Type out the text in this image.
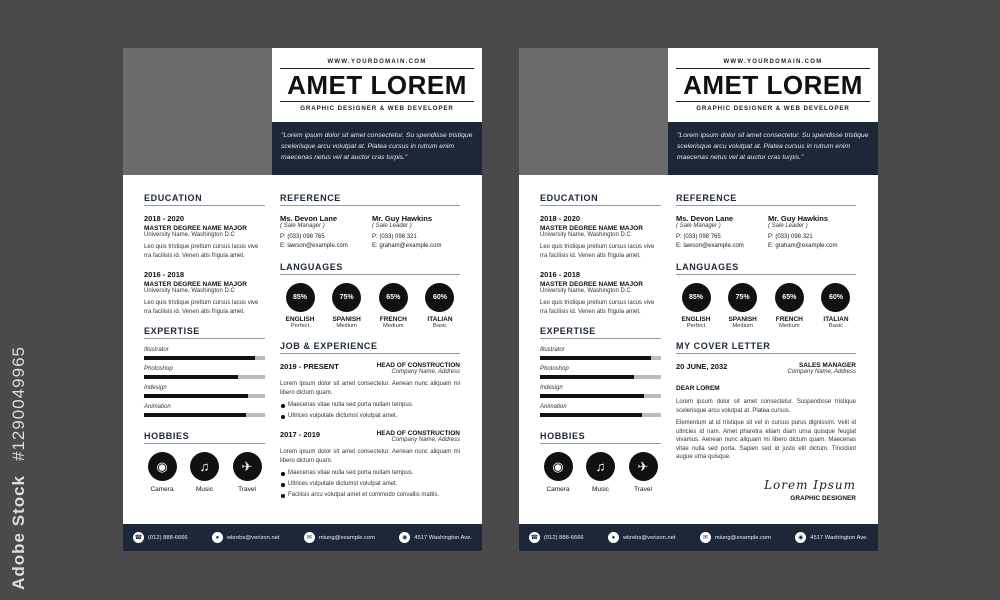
#1290049965
Adobe Stock
WWW.YOURDOMAIN.COM
AMET LOREM
GRAPHIC DESIGNER & WEB DEVELOPER
"Lorem ipsum dolor sit amet consectetur. Su spendisse tristique scelerisque arcu volutpat at. Platea cursus in rutrum enim maecenas netus vel at auctor cras turpis."
EDUCATION
2018 - 2020
MASTER DEGREE NAME MAJOR
University Name, Washington D.C
Leo quis tristique pretium cursus lacus vive rra facilisis id. Venen atis frigula amet.
2016 - 2018
MASTER DEGREE NAME MAJOR
University Name, Washington D.C
Leo quis tristique pretium cursus lacus vive rra facilisis id. Venen atis frigula amet.
EXPERTISE
Illustrator
Photoshop
Indesign
Animation
HOBBIES
◉
Camera
♫
Music
✈
Travel
REFERENCE
Ms. Devon Lane
( Sale Manager )
P: (033) 098 765
E: lawson@example.com
Mr. Guy Hawkins
( Sale Leader )
P: (033) 098 321
E: graham@example.com
LANGUAGES
85%
ENGLISH
Perfect
75%
SPANISH
Medium
65%
FRENCH
Medium
60%
ITALIAN
Basic
JOB & EXPERIENCE
2019 - PRESENT	HEAD OF CONSTRUCTION
Company Name, Address
Lorem ipsum dolor sit amet consectetur. Aenean nunc aliquam mi libero dictum quam.
Maecenas vitae nulla sed porta nullam tempus.
Ultrices vulputate dictumst volutpat amet.
2017 - 2019	HEAD OF CONSTRUCTION
Company Name, Address
Lorem ipsum dolor sit amet consectetur. Aenean nunc aliquam mi libero dictum quam.
Maecenas vitae nulla sed porta nullam tempus.
Ultrices vulputate dictumst volutpat amet.
Facilisis arcu volutpat amet et commodo convallis mattis.
☎ (012) 888-6666	●	wkrebs@verizon.net	✉	miung@example.com	◉	4517 Washington Ave.
WWW.YOURDOMAIN.COM
AMET LOREM
GRAPHIC DESIGNER & WEB DEVELOPER
"Lorem ipsum dolor sit amet consectetur. Su spendisse tristique scelerisque arcu volutpat at. Platea cursus in rutrum enim maecenas netus vel at auctor cras turpis."
EDUCATION
2018 - 2020
MASTER DEGREE NAME MAJOR
University Name, Washington D.C
Leo quis tristique pretium cursus lacus vive rra facilisis id. Venen atis frigula amet.
2016 - 2018
MASTER DEGREE NAME MAJOR
University Name, Washington D.C
Leo quis tristique pretium cursus lacus vive rra facilisis id. Venen atis frigula amet.
EXPERTISE
Illustrator
Photoshop
Indesign
Animation
HOBBIES
◉
Camera
♫
Music
✈
Travel
REFERENCE
Ms. Devon Lane
( Sale Manager )
P: (033) 098 765
E: lawson@example.com
Mr. Guy Hawkins
( Sale Leader )
P: (033) 098 321
E: graham@example.com
LANGUAGES
85%
ENGLISH
Perfect
75%
SPANISH
Medium
65%
FRENCH
Medium
60%
ITALIAN
Basic
MY COVER LETTER
20 JUNE, 2032	SALES MANAGER
Company Name, Address
DEAR LOREM
Lorem ipsum dolor sit amet consectetur. Suspendisse tristique scelerisque arcu volutpat at. Platea cursus.
Elementum at id tristique sit vel in cursus purus dignissim. Velit id ultricies id nam. Amet pharetra etiam diam urna quisque feugiat vivamus. Aenean nunc aliquam mi libero dictum quam. Maecenas vitae nulla sed porta. Sapien sed id justo elit dictum. Tincidunt augue urna quisque.
Lorem Ipsum
GRAPHIC DESIGNER
☎ (012) 888-6666	●	wkrebs@verizon.net	✉	miung@example.com	◉	4517 Washington Ave.
